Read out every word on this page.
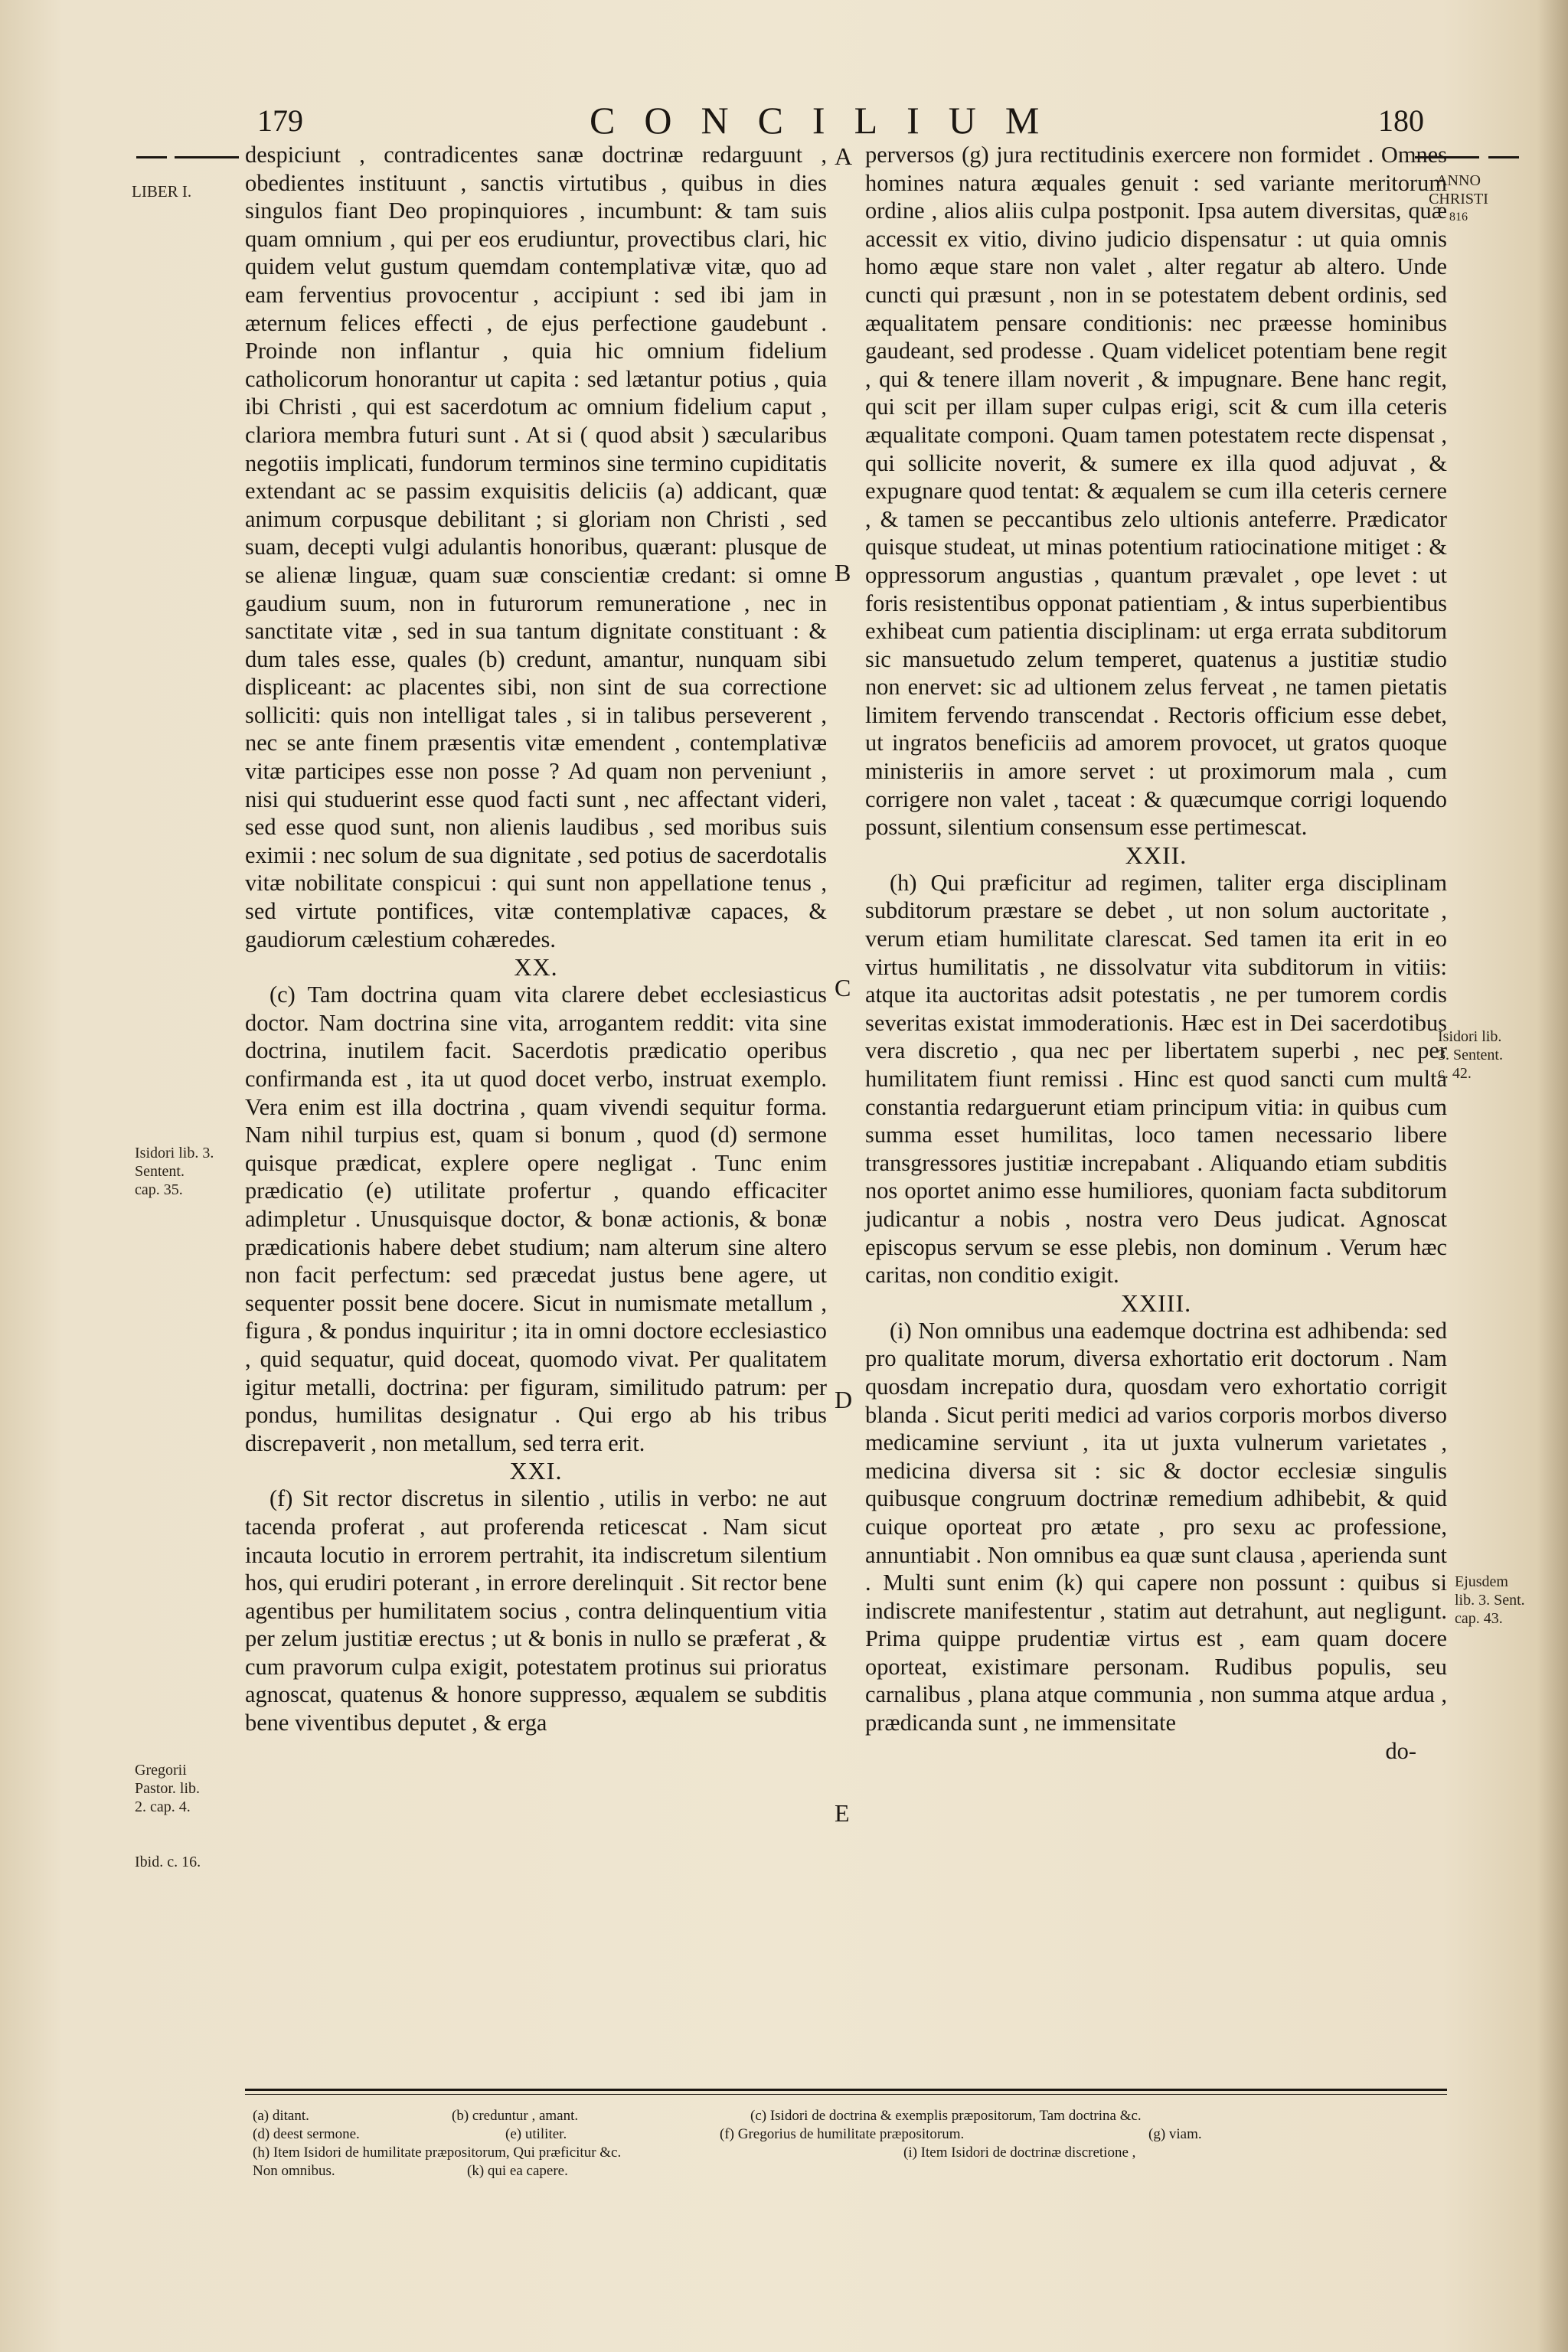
179	CONCILIUM	180
LIBER I.
ANNO
CHRISTI
816
Isidori lib. 3.
Sentent.
cap. 35.
Gregorii
Pastor. lib.
2. cap. 4.
Ibid. c. 16.
Isidori lib.
3. Sentent.
c. 42.
Ejusdem
lib. 3. Sent.
cap. 43.
A
B
C
D
E

despiciunt , contradicentes sanæ doctrinæ redarguunt , obedientes instituunt , sanctis virtutibus , quibus in dies singulos fiant Deo propinquiores , incumbunt: & tam suis quam omnium , qui per eos erudiuntur, provectibus clari, hic quidem velut gustum quemdam contemplativæ vitæ, quo ad eam ferventius provocentur , accipiunt : sed ibi jam in æternum felices effecti , de ejus perfectione gaudebunt . Proinde non inflantur , quia hic omnium fidelium catholicorum honorantur ut capita : sed lætantur potius , quia ibi Christi , qui est sacerdotum ac omnium fidelium caput , clariora membra futuri sunt . At si ( quod absit ) sæcularibus negotiis implicati, fundorum terminos sine termino cupiditatis extendant ac se passim exquisitis deliciis (a) addicant, quæ animum corpusque debilitant ; si gloriam non Christi , sed suam, decepti vulgi adulantis honoribus, quærant: plusque de se alienæ linguæ, quam suæ conscientiæ credant: si omne gaudium suum, non in futurorum remuneratione , nec in sanctitate vitæ , sed in sua tantum dignitate constituant : & dum tales esse, quales (b) credunt, amantur, nunquam sibi displiceant: ac placentes sibi, non sint de sua correctione solliciti: quis non intelligat tales , si in talibus perseverent , nec se ante finem præsentis vitæ emendent , contemplativæ vitæ participes esse non posse ? Ad quam non perveniunt , nisi qui studuerint esse quod facti sunt , nec affectant videri, sed esse quod sunt, non alienis laudibus , sed moribus suis eximii : nec solum de sua dignitate , sed potius de sacerdotalis vitæ nobilitate conspicui : qui sunt non appellatione tenus , sed virtute pontifices, vitæ contemplativæ capaces, & gaudiorum cælestium cohæredes.

XX.

(c) Tam doctrina quam vita clarere debet ecclesiasticus doctor. Nam doctrina sine vita, arrogantem reddit: vita sine doctrina, inutilem facit. Sacerdotis prædicatio operibus confirmanda est , ita ut quod docet verbo, instruat exemplo. Vera enim est illa doctrina , quam vivendi sequitur forma. Nam nihil turpius est, quam si bonum , quod (d) sermone quisque prædicat, explere opere negligat . Tunc enim prædicatio (e) utilitate profertur , quando efficaciter adimpletur . Unusquisque doctor, & bonæ actionis, & bonæ prædicationis habere debet studium; nam alterum sine altero non facit perfectum: sed præcedat justus bene agere, ut sequenter possit bene docere. Sicut in numismate metallum , figura , & pondus inquiritur ; ita in omni doctore ecclesiastico , quid sequatur, quid doceat, quomodo vivat. Per qualitatem igitur metalli, doctrina: per figuram, similitudo patrum: per pondus, humilitas designatur . Qui ergo ab his tribus discrepaverit , non metallum, sed terra erit.

XXI.

(f) Sit rector discretus in silentio , utilis in verbo: ne aut tacenda proferat , aut proferenda reticescat . Nam sicut incauta locutio in errorem pertrahit, ita indiscretum silentium hos, qui erudiri poterant , in errore derelinquit . Sit rector bene agentibus per humilitatem socius , contra delinquentium vitia per zelum justitiæ erectus ; ut & bonis in nullo se præferat , & cum pravorum culpa exigit, potestatem protinus sui prioratus agnoscat, quatenus & honore suppresso, æqualem se subditis bene viventibus deputet , & erga

perversos (g) jura rectitudinis exercere non formidet . Omnes homines natura æquales genuit : sed variante meritorum ordine , alios aliis culpa postponit. Ipsa autem diversitas, quæ accessit ex vitio, divino judicio dispensatur : ut quia omnis homo æque stare non valet , alter regatur ab altero. Unde cuncti qui præsunt , non in se potestatem debent ordinis, sed æqualitatem pensare conditionis: nec præesse hominibus gaudeant, sed prodesse . Quam videlicet potentiam bene regit , qui & tenere illam noverit , & impugnare. Bene hanc regit, qui scit per illam super culpas erigi, scit & cum illa ceteris æqualitate componi. Quam tamen potestatem recte dispensat , qui sollicite noverit, & sumere ex illa quod adjuvat , & expugnare quod tentat: & æqualem se cum illa ceteris cernere , & tamen se peccantibus zelo ultionis anteferre. Prædicator quisque studeat, ut minas potentium ratiocinatione mitiget : & oppressorum angustias , quantum prævalet , ope levet : ut foris resistentibus opponat patientiam , & intus superbientibus exhibeat cum patientia disciplinam: ut erga errata subditorum sic mansuetudo zelum temperet, quatenus a justitiæ studio non enervet: sic ad ultionem zelus ferveat , ne tamen pietatis limitem fervendo transcendat . Rectoris officium esse debet, ut ingratos beneficiis ad amorem provocet, ut gratos quoque ministeriis in amore servet : ut proximorum mala , cum corrigere non valet , taceat : & quæcumque corrigi loquendo possunt, silentium consensum esse pertimescat.

XXII.

(h) Qui præficitur ad regimen, taliter erga disciplinam subditorum præstare se debet , ut non solum auctoritate , verum etiam humilitate clarescat. Sed tamen ita erit in eo virtus humilitatis , ne dissolvatur vita subditorum in vitiis: atque ita auctoritas adsit potestatis , ne per tumorem cordis severitas existat immoderationis. Hæc est in Dei sacerdotibus vera discretio , qua nec per libertatem superbi , nec per humilitatem fiunt remissi . Hinc est quod sancti cum multa constantia redarguerunt etiam principum vitia: in quibus cum summa esset humilitas, loco tamen necessario libere transgressores justitiæ increpabant . Aliquando etiam subditis nos oportet animo esse humiliores, quoniam facta subditorum judicantur a nobis , nostra vero Deus judicat. Agnoscat episcopus servum se esse plebis, non dominum . Verum hæc caritas, non conditio exigit.

XXIII.

(i) Non omnibus una eademque doctrina est adhibenda: sed pro qualitate morum, diversa exhortatio erit doctorum . Nam quosdam increpatio dura, quosdam vero exhortatio corrigit blanda . Sicut periti medici ad varios corporis morbos diverso medicamine serviunt , ita ut juxta vulnerum varietates , medicina diversa sit : sic & doctor ecclesiæ singulis quibusque congruum doctrinæ remedium adhibebit, & quid cuique oporteat pro ætate , pro sexu ac professione, annuntiabit . Non omnibus ea quæ sunt clausa , aperienda sunt . Multi sunt enim (k) qui capere non possunt : quibus si indiscrete manifestentur , statim aut detrahunt, aut negligunt. Prima quippe prudentiæ virtus est , eam quam docere oporteat, existimare personam. Rudibus populis, seu carnalibus , plana atque communia , non summa atque ardua , prædicanda sunt , ne immensitate

do-

(a) ditant.	(b) creduntur , amant.	(c) Isidori de doctrina & exemplis præpositorum, Tam doctrina &c.
(d) deest sermone.	(e) utiliter.	(f) Gregorius de humilitate præpositorum.	(g) viam.
(h) Item Isidori de humilitate præpositorum, Qui præficitur &c.	(i) Item Isidori de doctrinæ discretione ,
Non omnibus.	(k) qui ea capere.
